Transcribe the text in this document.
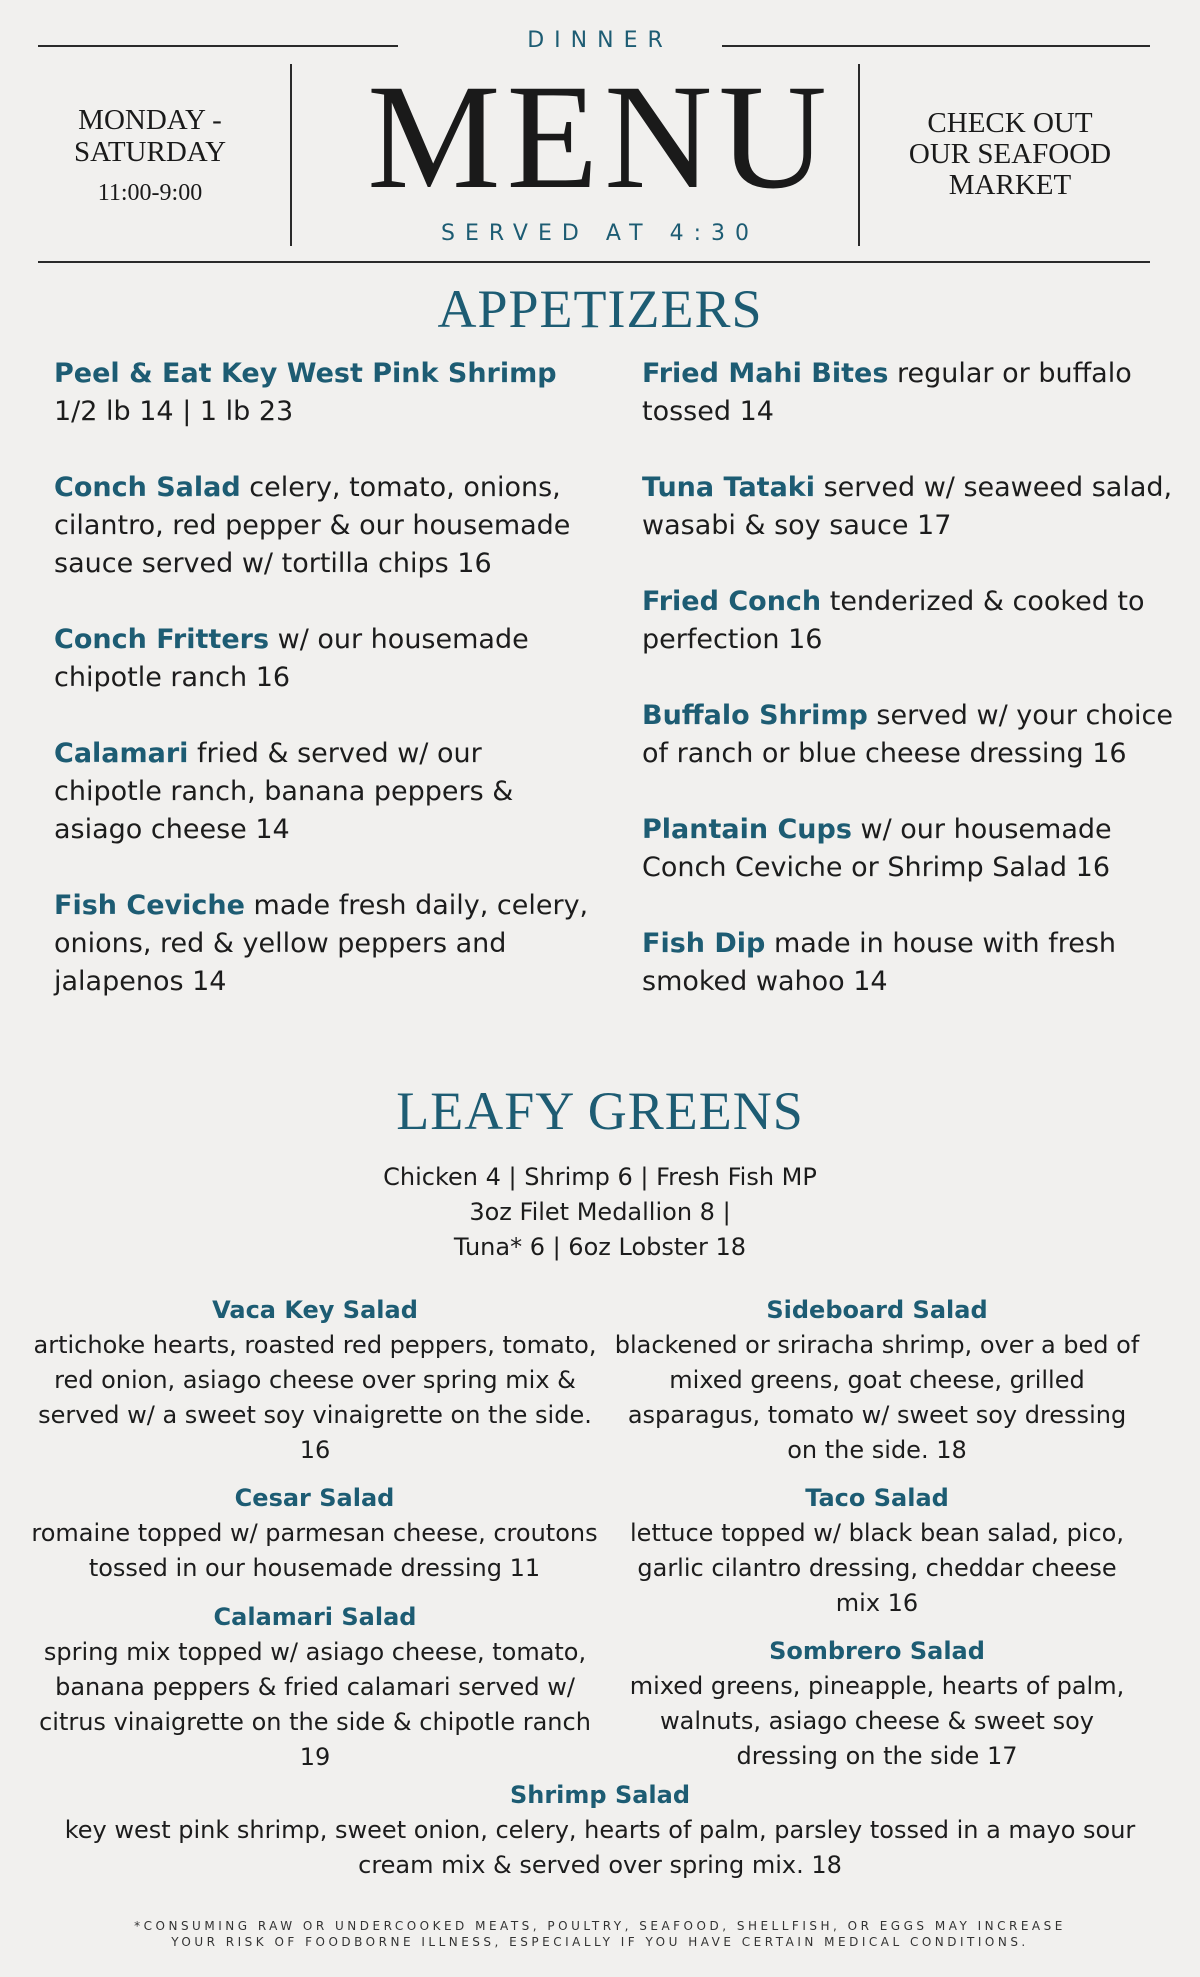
DINNER
MENU
SERVED AT 4:30
MONDAY -
SATURDAY
11:00-9:00
CHECK OUT
OUR SEAFOOD
MARKET
APPETIZERS
Peel & Eat Key West Pink Shrimp
1/2 lb 14 | 1 lb 23
Conch Salad celery, tomato, onions, cilantro, red pepper & our housemade sauce served w/ tortilla chips 16
Conch Fritters w/ our housemade chipotle ranch 16
Calamari fried & served w/ our chipotle ranch, banana peppers & asiago cheese 14
Fish Ceviche made fresh daily, celery, onions, red & yellow peppers and jalapenos 14
Fried Mahi Bites regular or buffalo tossed 14
Tuna Tataki served w/ seaweed salad, wasabi & soy sauce 17
Fried Conch tenderized & cooked to perfection 16
Buffalo Shrimp served w/ your choice of ranch or blue cheese dressing 16
Plantain Cups w/ our housemade Conch Ceviche or Shrimp Salad 16
Fish Dip made in house with fresh smoked wahoo 14
LEAFY GREENS
Chicken 4 | Shrimp 6 | Fresh Fish MP
3oz Filet Medallion 8 |
Tuna* 6 | 6oz Lobster 18
Vaca Key Salad
artichoke hearts, roasted red peppers, tomato, red onion, asiago cheese over spring mix & served w/ a sweet soy vinaigrette on the side. 16
Sideboard Salad
blackened or sriracha shrimp, over a bed of mixed greens, goat cheese, grilled asparagus, tomato w/ sweet soy dressing on the side. 18
Cesar Salad
romaine topped w/ parmesan cheese, croutons tossed in our housemade dressing 11
Taco Salad
lettuce topped w/ black bean salad, pico, garlic cilantro dressing, cheddar cheese mix 16
Calamari Salad
spring mix topped w/ asiago cheese, tomato, banana peppers & fried calamari served w/ citrus vinaigrette on the side & chipotle ranch 19
Sombrero Salad
mixed greens, pineapple, hearts of palm, walnuts, asiago cheese & sweet soy dressing on the side 17
Shrimp Salad
key west pink shrimp, sweet onion, celery, hearts of palm, parsley tossed in a mayo sour cream mix & served over spring mix. 18
*CONSUMING RAW OR UNDERCOOKED MEATS, POULTRY, SEAFOOD, SHELLFISH, OR EGGS MAY INCREASE
YOUR RISK OF FOODBORNE ILLNESS, ESPECIALLY IF YOU HAVE CERTAIN MEDICAL CONDITIONS.
